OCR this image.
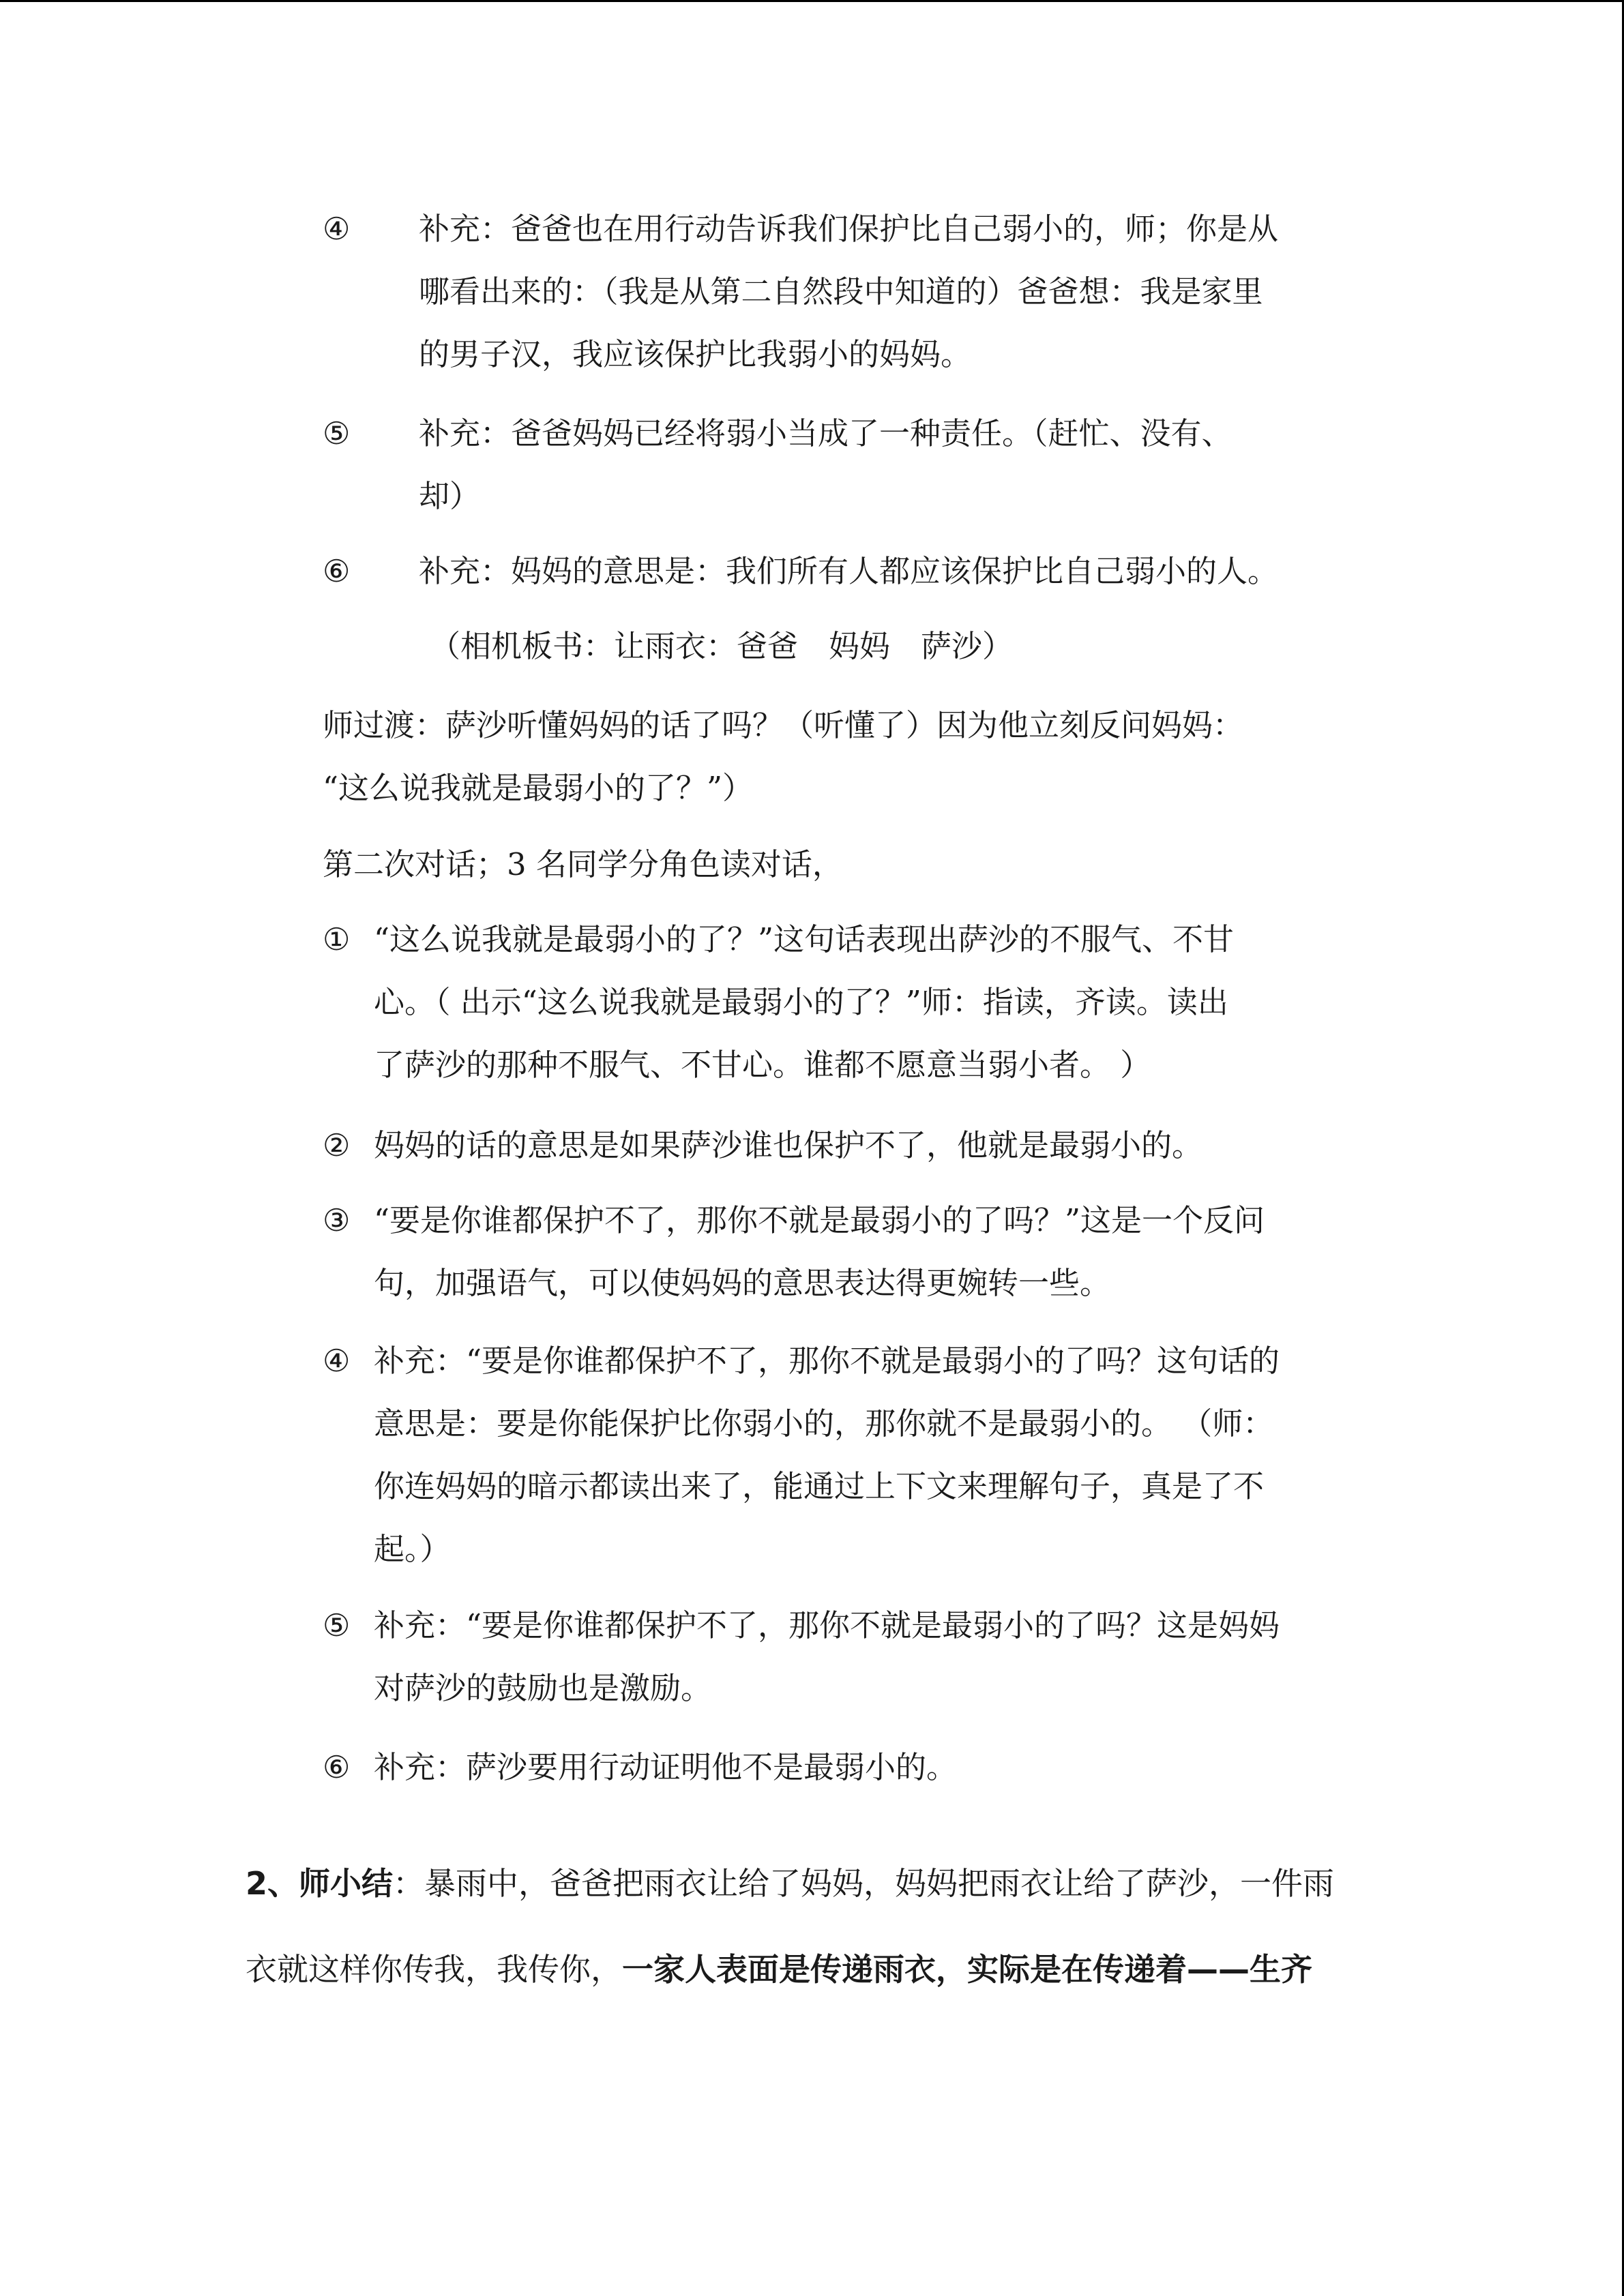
④ 补充：爸爸也在用行动告诉我们保护比自己弱小的，师；你是从
哪看出来的：（我是从第二自然段中知道的）爸爸想：我是家里
的男子汉，我应该保护比我弱小的妈妈。
⑤ 补充：爸爸妈妈已经将弱小当成了一种责任。（赶忙、没有、
却）
⑥ 补充：妈妈的意思是：我们所有人都应该保护比自己弱小的人。
（相机板书：让雨衣：爸爸　妈妈　萨沙）
师过渡：萨沙听懂妈妈的话了吗？（听懂了）因为他立刻反问妈妈：
“这么说我就是最弱小的了？”）
第二次对话；3 名同学分角色读对话，
① “这么说我就是最弱小的了？”这句话表现出萨沙的不服气、不甘
心。（ 出示“这么说我就是最弱小的了？”师：指读，齐读。读出
了萨沙的那种不服气、不甘心。谁都不愿意当弱小者。 ）
② 妈妈的话的意思是如果萨沙谁也保护不了，他就是最弱小的。
③ “要是你谁都保护不了，那你不就是最弱小的了吗？”这是一个反问
句，加强语气，可以使妈妈的意思表达得更婉转一些。
④ 补充：“要是你谁都保护不了，那你不就是最弱小的了吗？这句话的
意思是：要是你能保护比你弱小的，那你就不是最弱小的。 （师：
你连妈妈的暗示都读出来了，能通过上下文来理解句子，真是了不
起。）
⑤ 补充：“要是你谁都保护不了，那你不就是最弱小的了吗？这是妈妈
对萨沙的鼓励也是激励。
⑥ 补充：萨沙要用行动证明他不是最弱小的。
2、师小结：暴雨中，爸爸把雨衣让给了妈妈，妈妈把雨衣让给了萨沙，一件雨
衣就这样你传我，我传你，一家人表面是传递雨衣，实际是在传递着——生齐
